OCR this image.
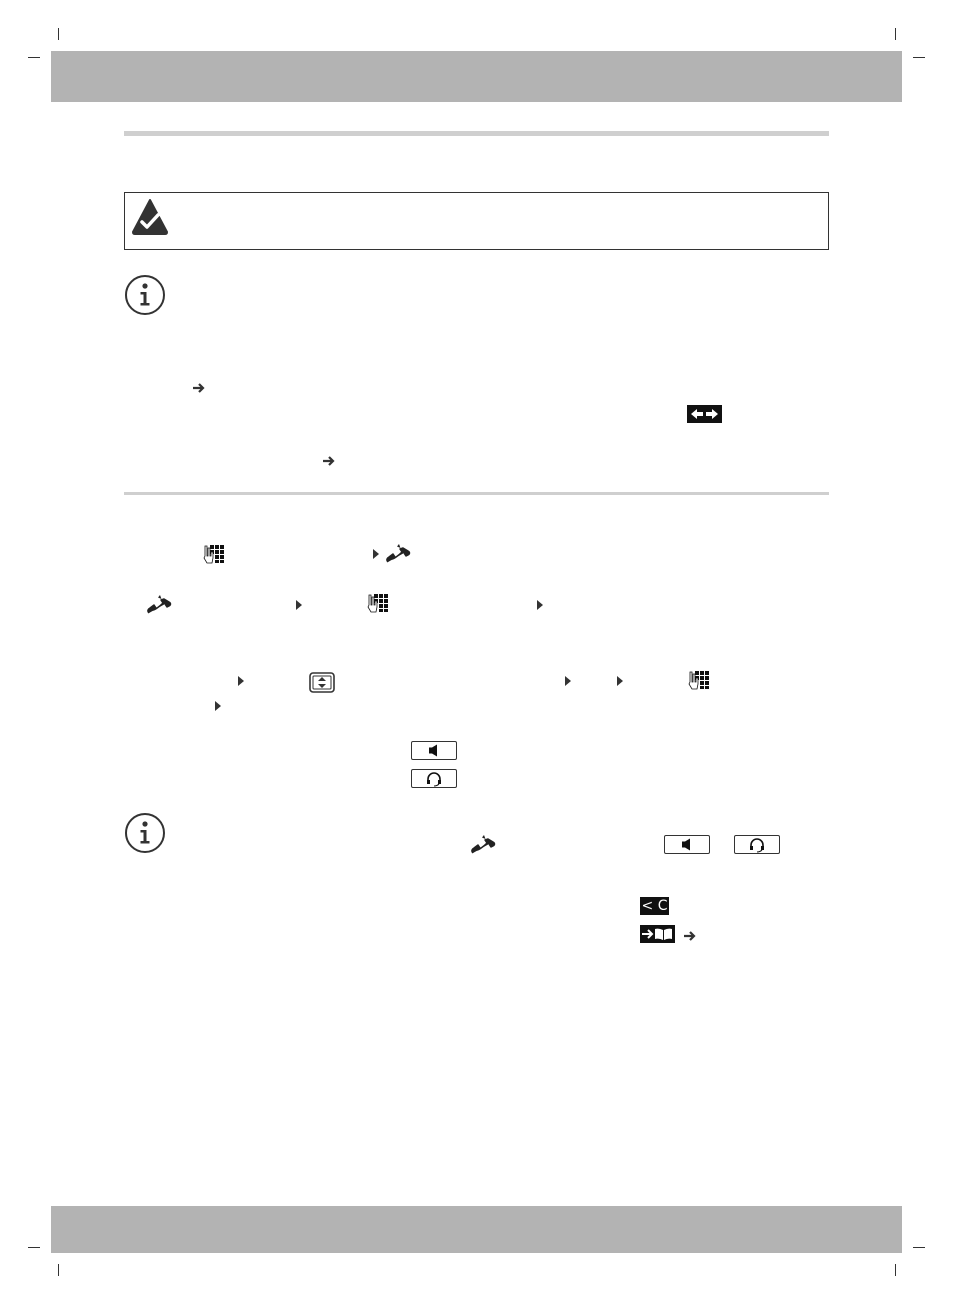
< C
